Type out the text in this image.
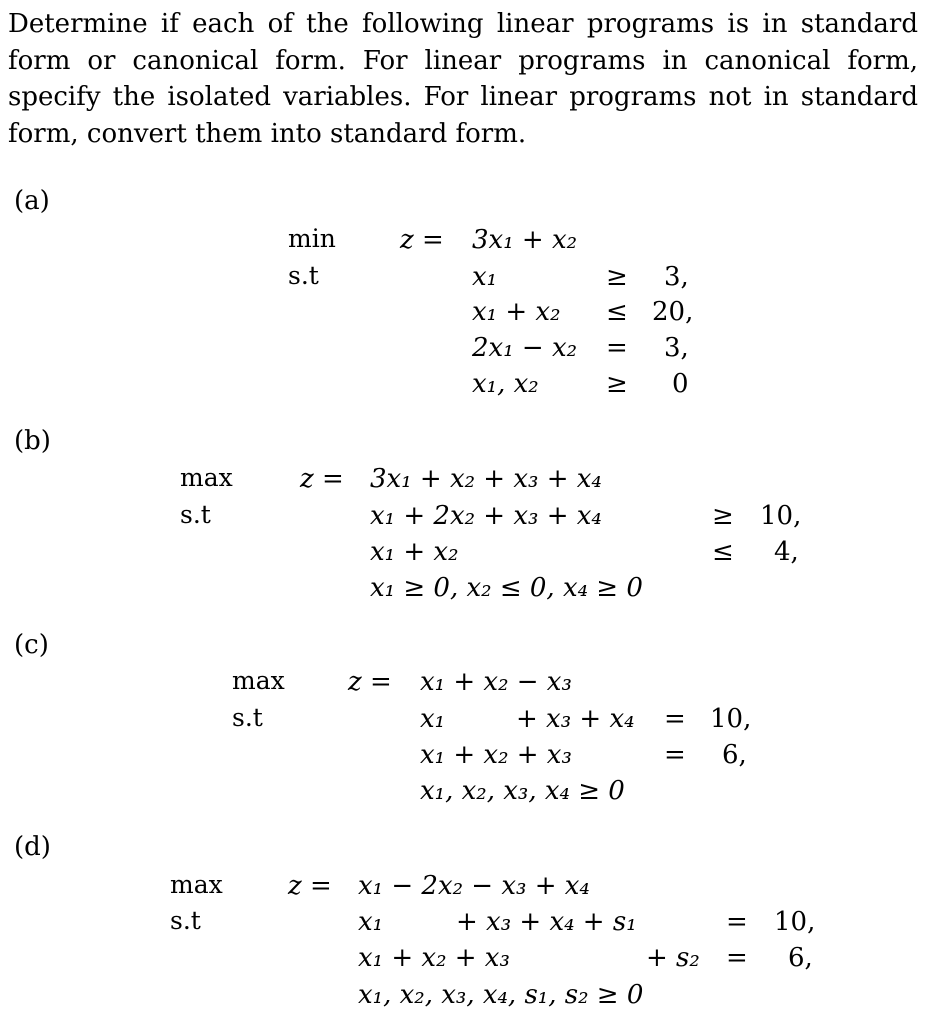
Determine if each of the following linear programs is in standard form or canonical form. For linear programs in canonical form, specify the isolated variables. For linear programs not in standard form, convert them into standard form.
(a)
min z = 3x₁ + x₂
s.t	x₁	≥ 3,
x₁ + x₂ ≤ 20,
2x₁ − x₂ = 3,
x₁, x₂	≥ 0
(b)
max	z = 3x₁ + x₂ + x₃ + x₄
s.t	x₁ + 2x₂ + x₃ + x₄	≥ 10,
x₁ + x₂	≤ 4,
x₁ ≥ 0, x₂ ≤ 0, x₄ ≥ 0
(c)
max z = x₁ + x₂ − x₃
s.t	x₁	+ x₃ + x₄ = 10,
x₁ + x₂ + x₃	= 6,
x₁, x₂, x₃, x₄ ≥ 0
(d)
max	z = x₁ − 2x₂ − x₃ + x₄
s.t	x₁	+ x₃ + x₄ + s₁	= 10,
x₁ + x₂ + x₃	+ s₂ = 6,
x₁, x₂, x₃, x₄, s₁, s₂ ≥ 0
